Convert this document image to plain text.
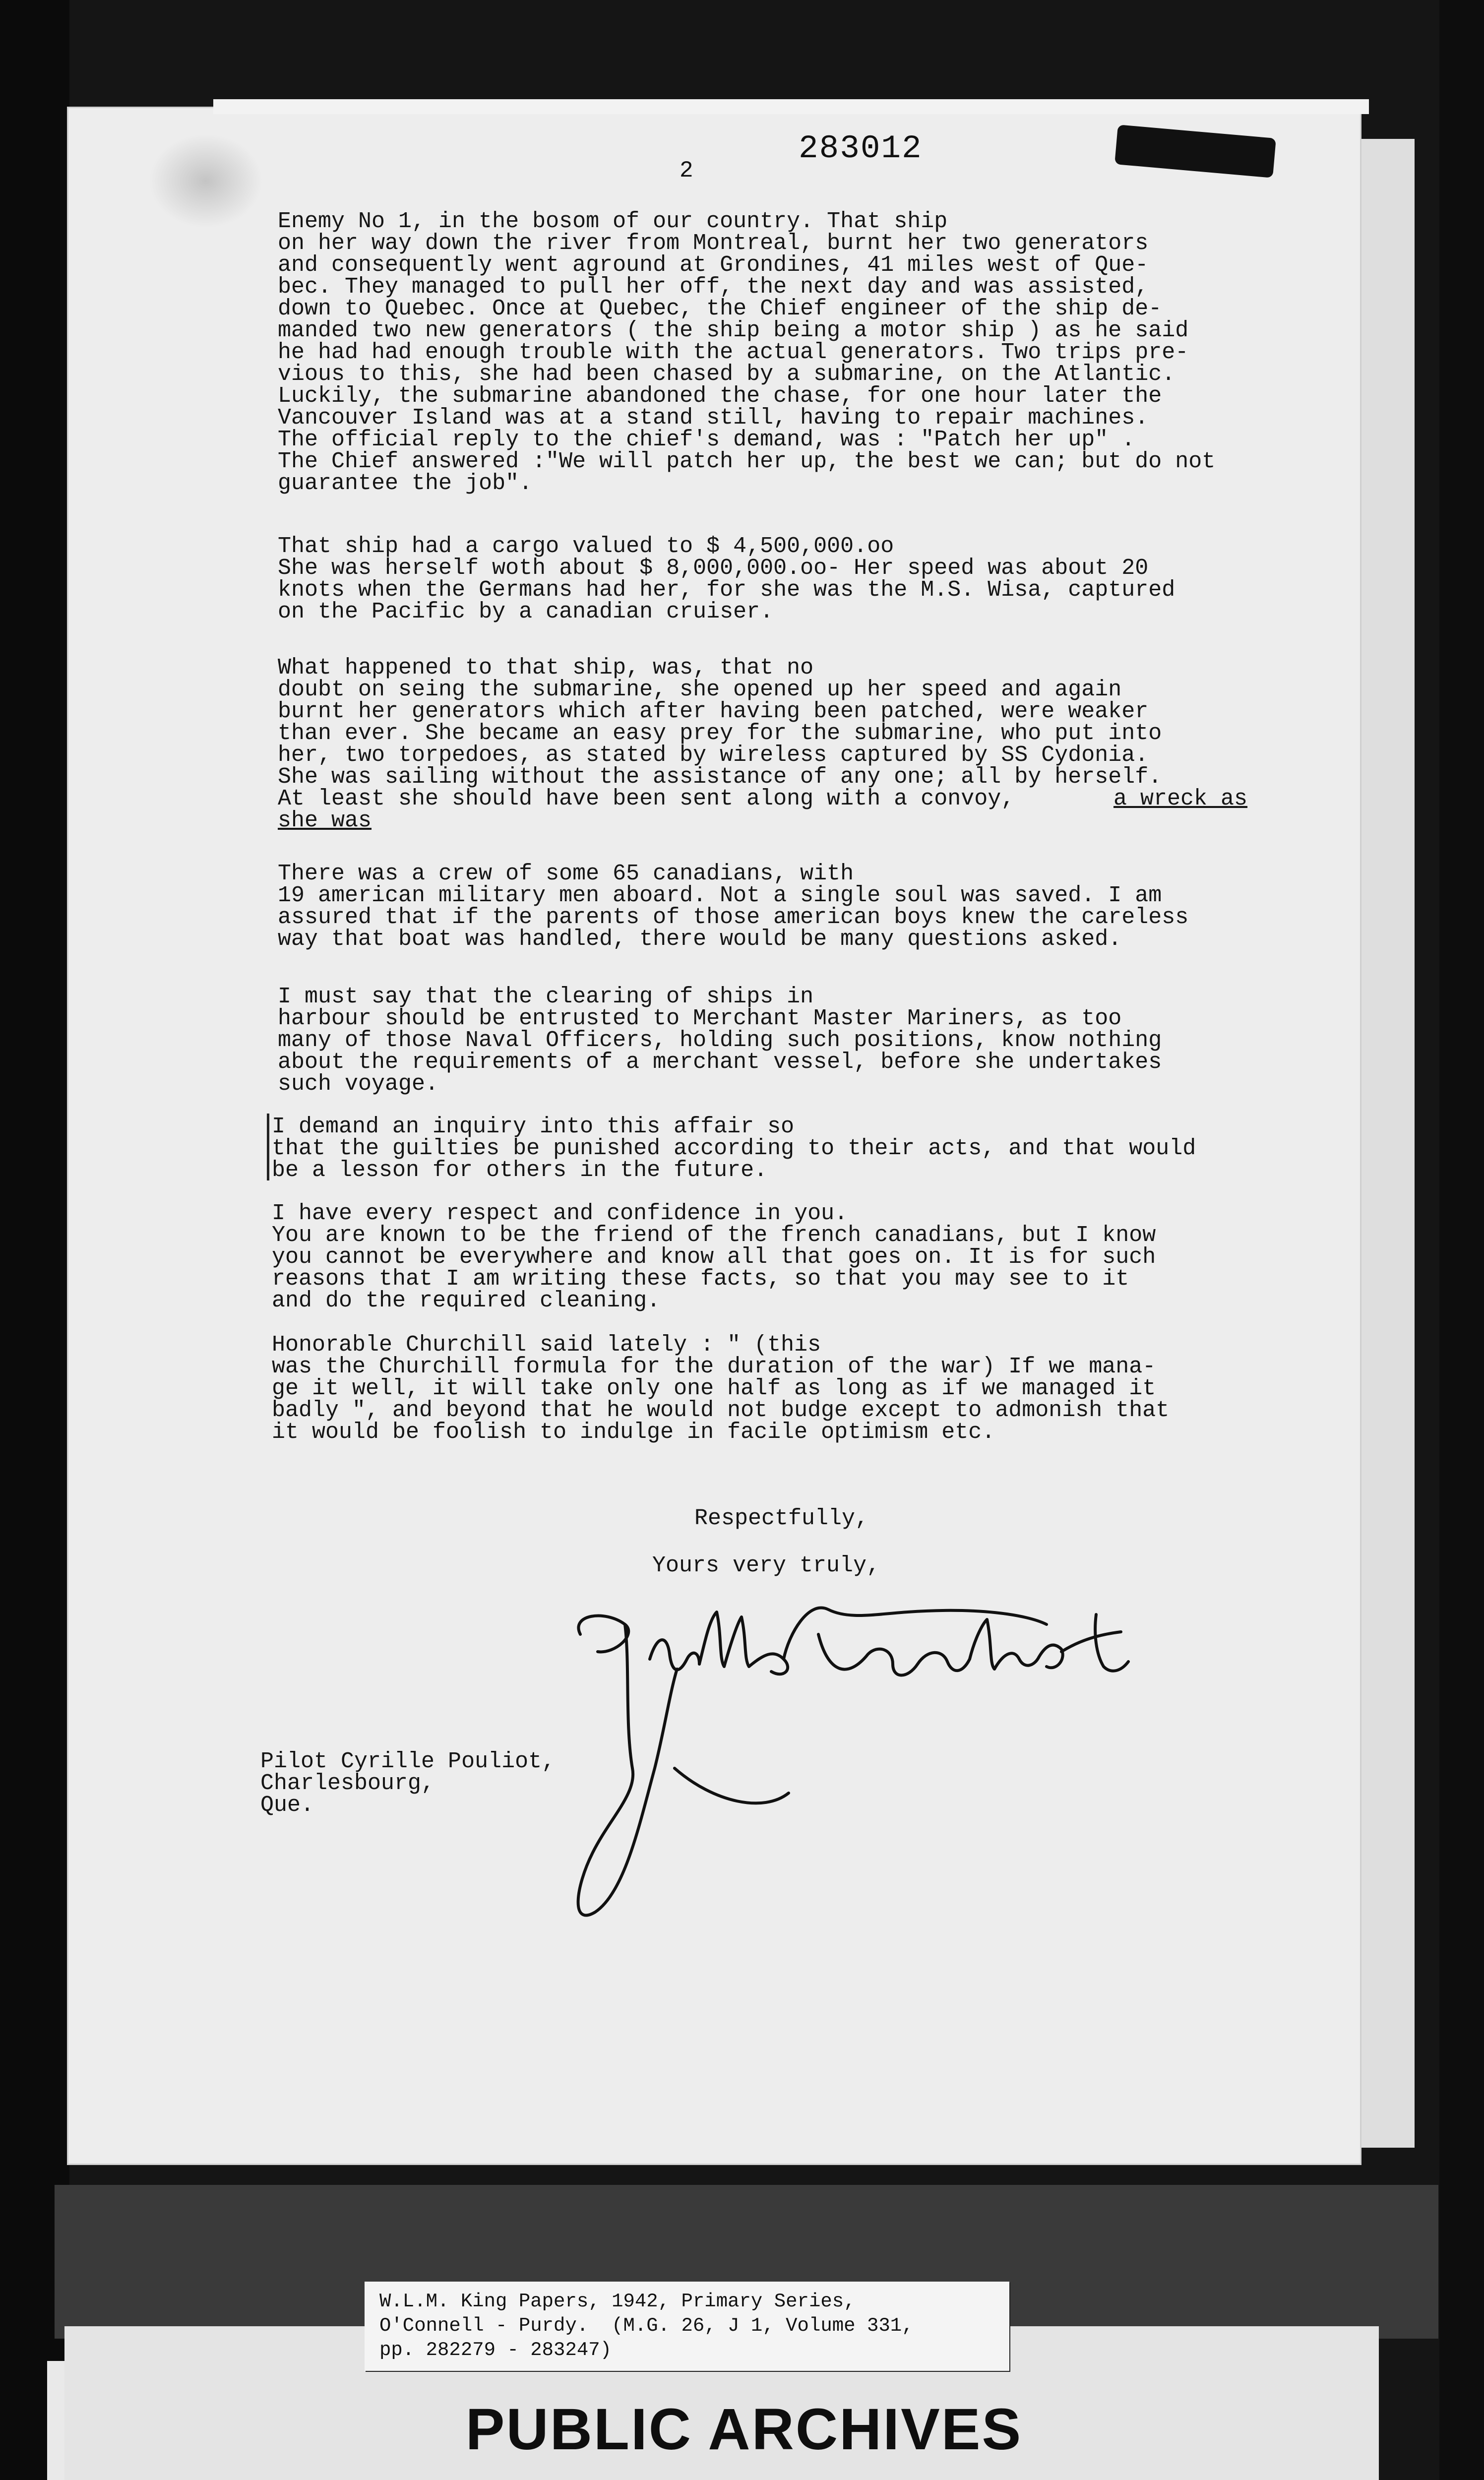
283012
2
Enemy No 1, in the bosom of our country. That ship
on her way down the river from Montreal, burnt her two generators
and consequently went aground at Grondines, 41 miles west of Que-
bec. They managed to pull her off, the next day and was assisted,
down to Quebec. Once at Quebec, the Chief engineer of the ship de-
manded two new generators ( the ship being a motor ship ) as he said
he had had enough trouble with the actual generators. Two trips pre-
vious to this, she had been chased by a submarine, on the Atlantic.
Luckily, the submarine abandoned the chase, for one hour later the
Vancouver Island was at a stand still, having to repair machines.
The official reply to the chief's demand, was : "Patch her up" .
The Chief answered :"We will patch her up, the best we can; but do not
guarantee the job".
That ship had a cargo valued to $ 4,500,000.oo
She was herself woth about $ 8,000,000.oo- Her speed was about 20
knots when the Germans had her, for she was the M.S. Wisa, captured
on the Pacific by a canadian cruiser.
What happened to that ship, was, that no
doubt on seing the submarine, she opened up her speed and again
burnt her generators which after having been patched, were weaker
than ever. She became an easy prey for the submarine, who put into
her, two torpedoes, as stated by wireless captured by SS Cydonia.
She was sailing without the assistance of any one; all by herself.
At least she should have been sent along with a convoy,	a wreck as
she was
There was a crew of some 65 canadians, with
19 american military men aboard. Not a single soul was saved. I am
assured that if the parents of those american boys knew the careless
way that boat was handled, there would be many questions asked.
I must say that the clearing of ships in
harbour should be entrusted to Merchant Master Mariners, as too
many of those Naval Officers, holding such positions, know nothing
about the requirements of a merchant vessel, before she undertakes
such voyage.
I demand an inquiry into this affair so
that the guilties be punished according to their acts, and that would
be a lesson for others in the future.
I have every respect and confidence in you.
You are known to be the friend of the french canadians, but I know
you cannot be everywhere and know all that goes on. It is for such
reasons that I am writing these facts, so that you may see to it
and do the required cleaning.
Honorable Churchill said lately : " (this
was the Churchill formula for the duration of the war) If we mana-
ge it well, it will take only one half as long as if we managed it
badly ", and beyond that he would not budge except to admonish that
it would be foolish to indulge in facile optimism etc.
Respectfully,
Yours very truly,
Pilot Cyrille Pouliot,
Charlesbourg,
Que.
W.L.M. King Papers, 1942, Primary Series,
O'Connell - Purdy.  (M.G. 26, J 1, Volume 331,
pp. 282279 - 283247)
PUBLIC ARCHIVES
